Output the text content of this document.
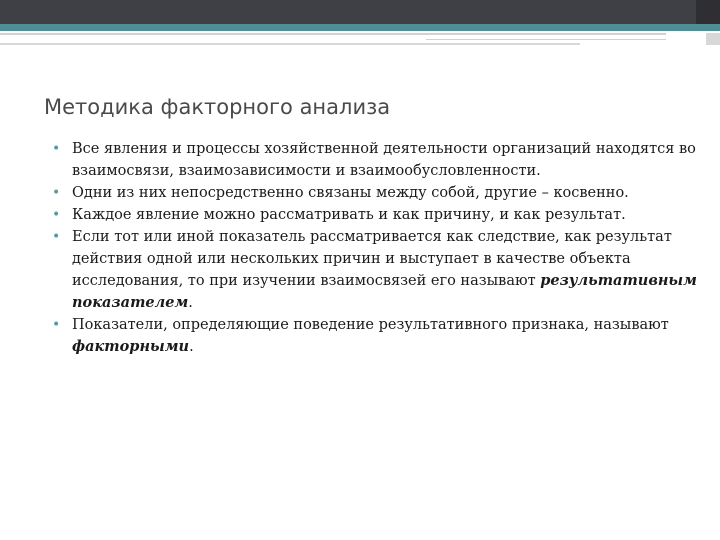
Методика факторного анализа
• Все явления и процессы хозяйственной деятельности организаций находятся во взаимосвязи, взаимозависимости и взаимообусловленности.
• Одни из них непосредственно связаны между собой, другие – косвенно.
• Каждое явление можно рассматривать и как причину, и как результат.
• Если тот или иной показатель рассматривается как следствие, как результат действия одной или нескольких причин и выступает в качестве объекта исследования, то при изучении взаимосвязей его называют результативным показателем.
• Показатели, определяющие поведение результативного признака, называют факторными.
